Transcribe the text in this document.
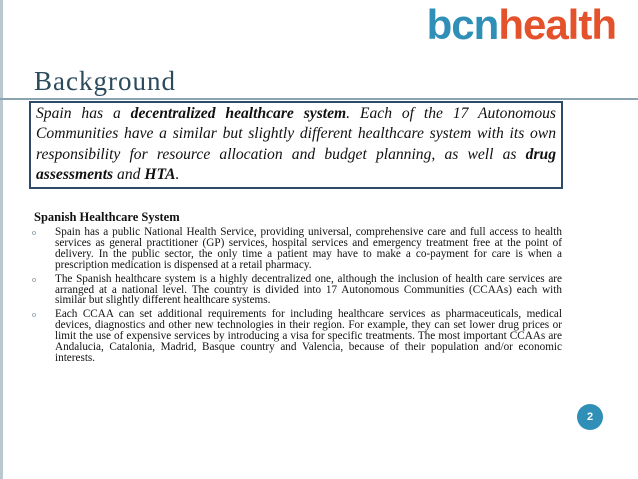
bcnhealth
Background
Spain has a decentralized healthcare system. Each of the 17 Autonomous Communities have a similar but slightly different healthcare system with its own responsibility for resource allocation and budget planning, as well as drug assessments and HTA.
Spanish Healthcare System
o	Spain has a public National Health Service, providing universal, comprehensive care and full access to health services as general practitioner (GP) services, hospital services and emergency treatment free at the point of delivery. In the public sector, the only time a patient may have to make a co-payment for care is when a prescription medication is dispensed at a retail pharmacy.
o	The Spanish healthcare system is a highly decentralized one, although the inclusion of health care services are arranged at a national level. The country is divided into 17 Autonomous Communities (CCAAs) each with similar but slightly different healthcare systems.
o	Each CCAA can set additional requirements for including healthcare services as pharmaceuticals, medical devices, diagnostics and other new technologies in their region. For example, they can set lower drug prices or limit the use of expensive services by introducing a visa for specific treatments. The most important CCAAs are Andalucia, Catalonia, Madrid, Basque country and Valencia, because of their population and/or economic interests.
2
